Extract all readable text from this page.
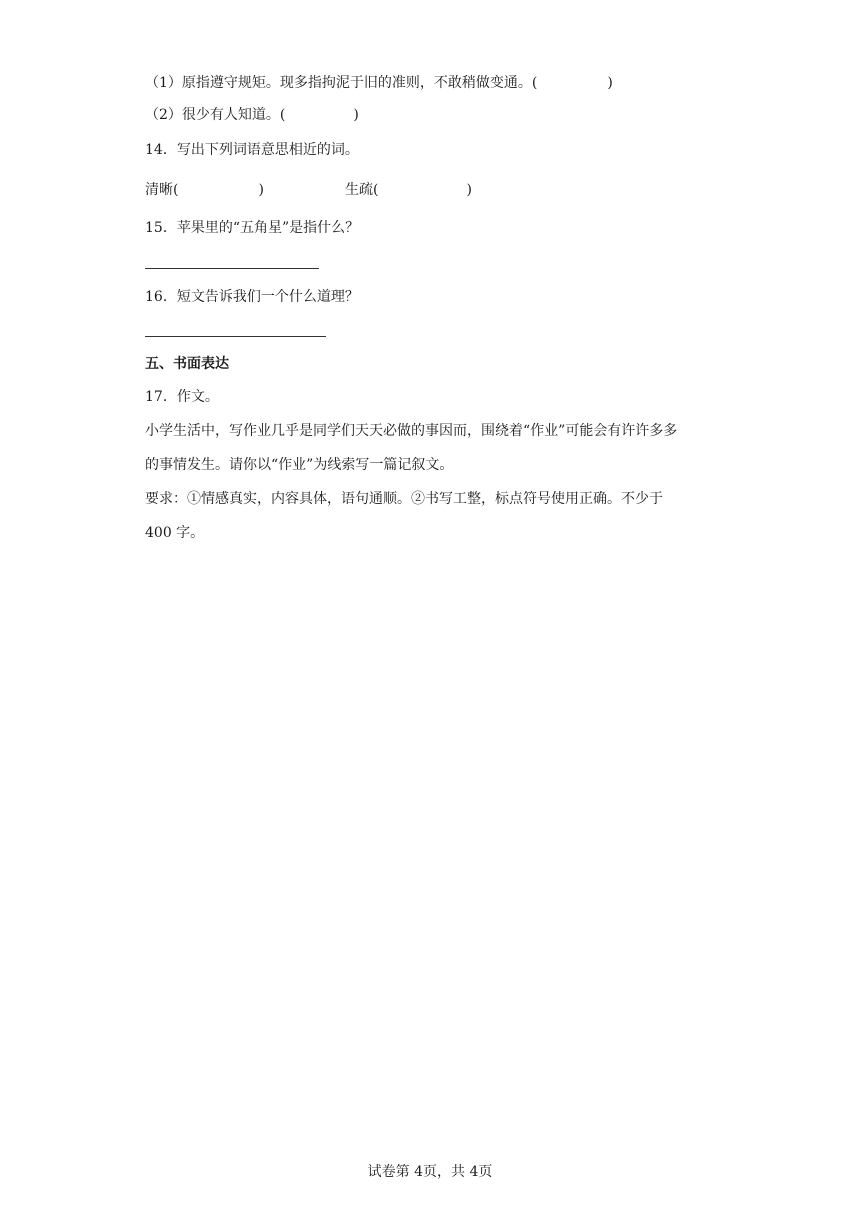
（1）原指遵守规矩。现多指拘泥于旧的准则，不敢稍做变通。(	)
（2）很少有人知道。(	)
14．写出下列词语意思相近的词。
清晰(	)	生疏(	)
15．苹果里的“五角星”是指什么？
16．短文告诉我们一个什么道理？
五、书面表达
17．作文。
小学生活中，写作业几乎是同学们天天必做的事因而，围绕着“作业”可能会有许许多多
的事情发生。请你以“作业”为线索写一篇记叙文。
要求：①情感真实，内容具体，语句通顺。②书写工整，标点符号使用正确。不少于
400 字。
试卷第 4页，共 4页
